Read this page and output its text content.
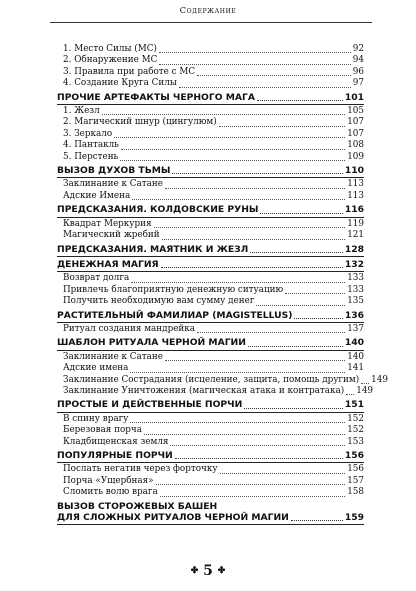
Содержание
1. Место Силы (МС)	92
2. Обнаружение МС	94
3. Правила при работе с МС	96
4. Создание Круга Силы	97
ПРОЧИЕ АРТЕФАКТЫ ЧЕРНОГО МАГА	101
1. Жезл	105
2. Магический шнур (цингулюм)	107
3. Зеркало	107
4. Пантакль	108
5. Перстень	109
ВЫЗОВ ДУХОВ ТЬМЫ	110
Заклинание к Сатане	113
Адские Имена	113
ПРЕДСКАЗАНИЯ. КОЛДОВСКИЕ РУНЫ	116
Квадрат Меркурия	119
Магический жребий	121
ПРЕДСКАЗАНИЯ. МАЯТНИК И ЖЕЗЛ	128
ДЕНЕЖНАЯ МАГИЯ	132
Возврат долга	133
Привлечь благоприятную денежную ситуацию	133
Получить необходимую вам сумму денег	135
РАСТИТЕЛЬНЫЙ ФАМИЛИАР (MAGISTELLUS)	136
Ритуал создания мандрейка	137
ШАБЛОН РИТУАЛА ЧЕРНОЙ МАГИИ	140
Заклинание к Сатане	140
Адские имена	141
Заклинание Сострадания (исцеление, защита, помощь другим) 149
Заклинание Уничтожения (магическая атака и контратака) 149
ПРОСТЫЕ И ДЕЙСТВЕННЫЕ ПОРЧИ	151
В спину врагу	152
Березовая порча	152
Кладбищенская земля	153
ПОПУЛЯРНЫЕ ПОРЧИ	156
Послать негатив через форточку	156
Порча «Ущербная»	157
Сломить волю врага	158
ВЫЗОВ СТОРОЖЕВЫХ БАШЕН
ДЛЯ СЛОЖНЫХ РИТУАЛОВ ЧЕРНОЙ МАГИИ	159
✤ 5 ✤
